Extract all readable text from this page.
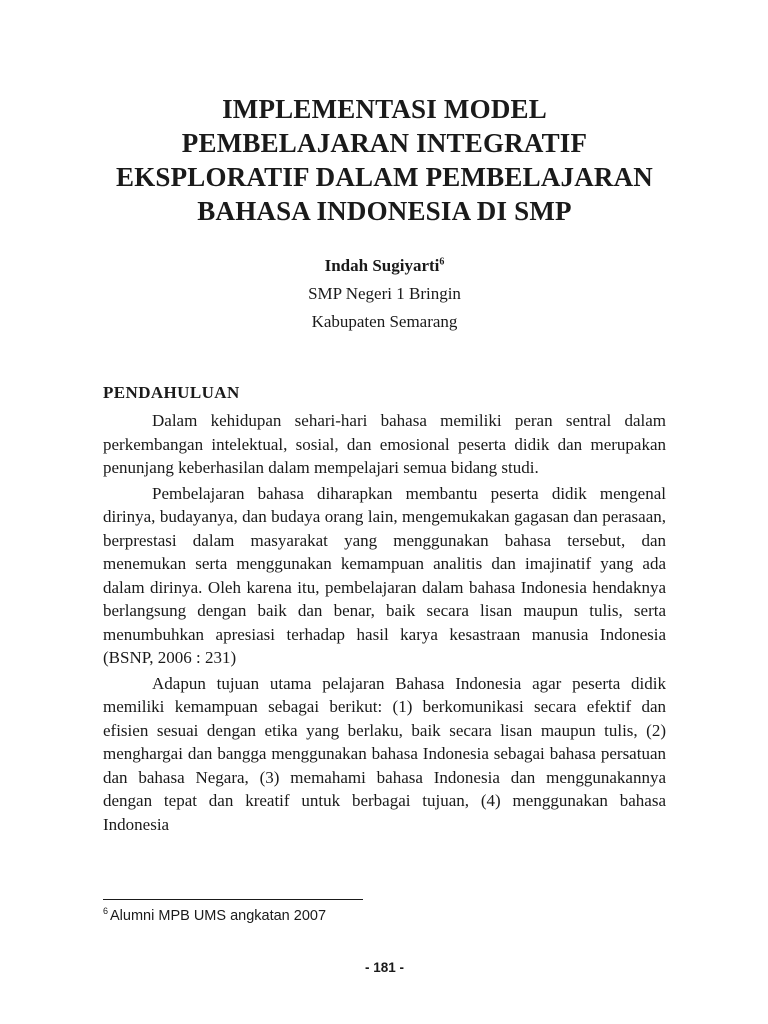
IMPLEMENTASI MODEL
PEMBELAJARAN INTEGRATIF
EKSPLORATIF DALAM PEMBELAJARAN
BAHASA INDONESIA DI SMP
Indah Sugiyarti$^6$
SMP Negeri 1 Bringin
Kabupaten Semarang
PENDAHULUAN

Dalam kehidupan sehari-hari bahasa memiliki peran sentral dalam perkembangan intelektual, sosial, dan emosional peserta didik dan merupakan penunjang keberhasilan dalam mempelajari semua bidang studi.

Pembelajaran bahasa diharapkan membantu peserta didik mengenal dirinya, budayanya, dan budaya orang lain, mengemukakan gagasan dan perasaan, berprestasi dalam masyarakat yang menggunakan bahasa tersebut, dan menemukan serta menggunakan kemampuan analitis dan imajinatif yang ada dalam dirinya. Oleh karena itu, pembelajaran dalam bahasa Indonesia hendaknya berlangsung dengan baik dan benar, baik secara lisan maupun tulis, serta menumbuhkan apresiasi terhadap hasil karya kesastraan manusia Indonesia (BSNP, 2006 : 231)

Adapun tujuan utama pelajaran Bahasa Indonesia agar peserta didik memiliki kemampuan sebagai berikut: (1) berkomunikasi secara efektif dan efisien sesuai dengan etika yang berlaku, baik secara lisan maupun tulis, (2) menghargai dan bangga menggunakan bahasa Indonesia sebagai bahasa persatuan dan bahasa Negara, (3) memahami bahasa Indonesia dan menggunakannya dengan tepat dan kreatif untuk berbagai tujuan, (4) menggunakan bahasa Indonesia

$^6$ Alumni MPB UMS angkatan 2007
- 181 -
